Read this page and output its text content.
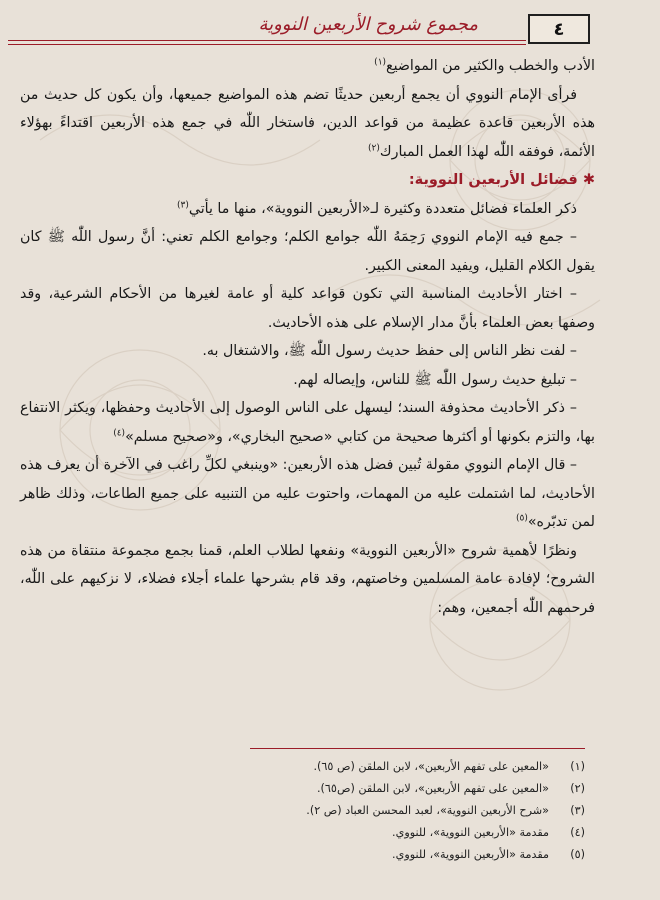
٤
مجموع شروح الأربعين النووية

الأدب والخطب والكثير من المواضيع$^{(١)}$

فرأى الإمام النووي أن يجمع أربعين حديثًا تضم هذه المواضيع جميعها، وأن يكون كل حديث من هذه الأربعين قاعدة عظيمة من قواعد الدين، فاستخار اللّٰه في جمع هذه الأربعين اقتداءً بهؤلاء الأئمة، فوفقه اللّٰه لهذا العمل المبارك$^{(٢)}$

✱ فضائل الأربعين النووية:

ذكر العلماء فضائل متعددة وكثيرة لـ«الأربعين النووية»، منها ما يأتي$^{(٣)}$

– جمع فيه الإمام النووي رَحِمَهُ اللّٰه جوامع الكلم؛ وجوامع الكلم تعني: أنَّ رسول اللّٰه ﷺ كان يقول الكلام القليل، ويفيد المعنى الكبير.

– اختار الأحاديث المناسبة التي تكون قواعد كلية أو عامة لغيرها من الأحكام الشرعية، وقد وصفها بعض العلماء بأنَّ مدار الإسلام على هذه الأحاديث.

– لفت نظر الناس إلى حفظ حديث رسول اللّٰه ﷺ، والاشتغال به.

– تبليغ حديث رسول اللّٰه ﷺ للناس، وإيصاله لهم.

– ذكر الأحاديث محذوفة السند؛ ليسهل على الناس الوصول إلى الأحاديث وحفظها، ويكثر الانتفاع بها، والتزم بكونها أو أكثرها صحيحة من كتابي «صحيح البخاري»، و«صحيح مسلم»$^{(٤)}$

– قال الإمام النووي مقولة تُبين فضل هذه الأربعين: «وينبغي لكلِّ راغب في الآخرة أن يعرف هذه الأحاديث، لما اشتملت عليه من المهمات، واحتوت عليه من التنبيه على جميع الطاعات، وذلك ظاهر لمن تدبّره»$^{(٥)}$

ونظرًا لأهمية شروح «الأربعين النووية» ونفعها لطلاب العلم، قمنا بجمع مجموعة منتقاة من هذه الشروح؛ لإفادة عامة المسلمين وخاصتهم، وقد قام بشرحها علماء أجلاء فضلاء، لا نزكيهم على اللّٰه، فرحمهم اللّٰه أجمعين، وهم:

(١)
«المعين على تفهم الأربعين»، لابن الملقن (ص ٦٥).
(٢)
«المعين على تفهم الأربعين»، لابن الملقن (ص٦٥).
(٣)
«شرح الأربعين النووية»، لعبد المحسن العباد (ص ٢).
(٤)
مقدمة «الأربعين النووية»، للنووي.
(٥)
مقدمة «الأربعين النووية»، للنووي.
